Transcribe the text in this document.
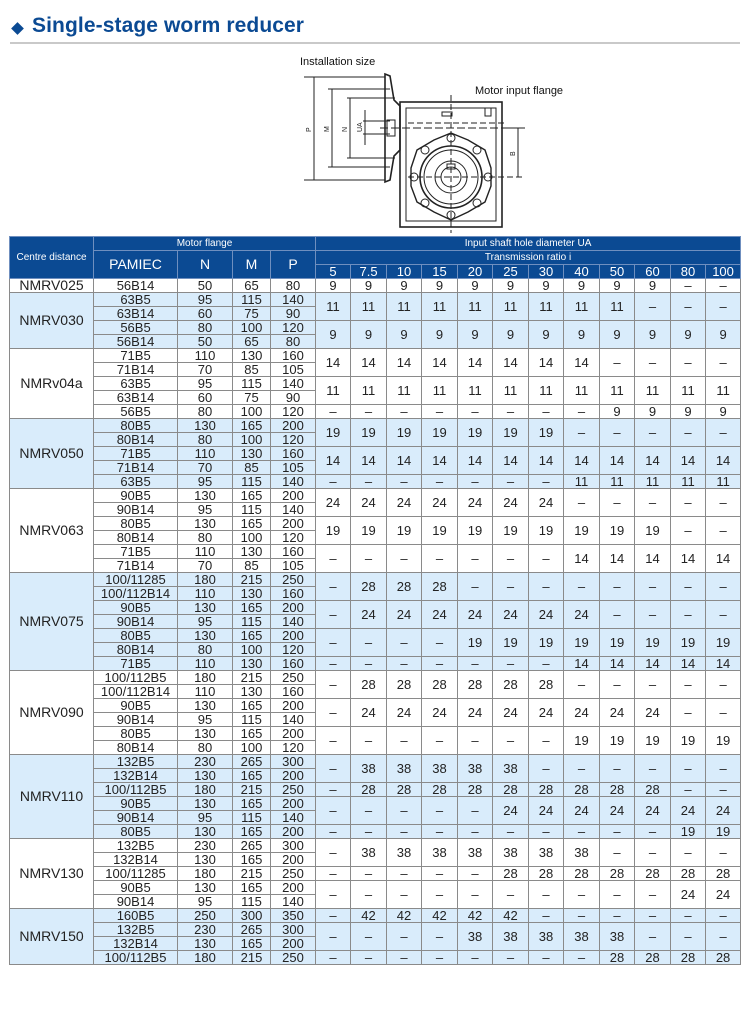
Single-stage worm reducer
Installation size
Motor input flange
P M N UA
B
Centre distance	Motor flange				Input shaft hole diameter UA											
	PAMIEC	N	M	P	Transmission ratio i											
					5	7.5	10	15	20	25	30	40	50	60	80	100
NMRV025	56B14	50	65	80	9	9	9	9	9	9	9	9	9	9	–	–
NMRV030	63B5	95	115	140	11	11	11	11	11	11	11	11	11	–	–	–
	63B14	60	75	90												
	56B5	80	100	120	9	9	9	9	9	9	9	9	9	9	9	9
	56B14	50	65	80												
NMRv04a	71B5	110	130	160	14	14	14	14	14	14	14	14	–	–	–	–
	71B14	70	85	105												
	63B5	95	115	140	11	11	11	11	11	11	11	11	11	11	11	11
	63B14	60	75	90												
	56B5	80	100	120	–	–	–	–	–	–	–	–	9	9	9	9
NMRV050	80B5	130	165	200	19	19	19	19	19	19	19	–	–	–	–	–
	80B14	80	100	120												
	71B5	110	130	160	14	14	14	14	14	14	14	14	14	14	14	14
	71B14	70	85	105												
	63B5	95	115	140	–	–	–	–	–	–	–	11	11	11	11	11
NMRV063	90B5	130	165	200	24	24	24	24	24	24	24	–	–	–	–	–
	90B14	95	115	140												
	80B5	130	165	200	19	19	19	19	19	19	19	19	19	19	–	–
	80B14	80	100	120												
	71B5	110	130	160	–	–	–	–	–	–	–	14	14	14	14	14
	71B14	70	85	105												
NMRV075	100/11285	180	215	250	–	28	28	28	–	–	–	–	–	–	–	–
	100/112B14	110	130	160												
	90B5	130	165	200	–	24	24	24	24	24	24	24	–	–	–	–
	90B14	95	115	140												
	80B5	130	165	200	–	–	–	–	19	19	19	19	19	19	19	19
	80B14	80	100	120												
	71B5	110	130	160	–	–	–	–	–	–	–	14	14	14	14	14
NMRV090	100/112B5	180	215	250	–	28	28	28	28	28	28	–	–	–	–	–
	100/112B14	110	130	160												
	90B5	130	165	200	–	24	24	24	24	24	24	24	24	24	–	–
	90B14	95	115	140												
	80B5	130	165	200	–	–	–	–	–	–	–	19	19	19	19	19
	80B14	80	100	120												
NMRV110	132B5	230	265	300	–	38	38	38	38	38	–	–	–	–	–	–
	132B14	130	165	200												
	100/112B5	180	215	250	–	28	28	28	28	28	28	28	28	28	–	–
	90B5	130	165	200	–	–	–	–	–	24	24	24	24	24	24	24
	90B14	95	115	140												
	80B5	130	165	200	–	–	–	–	–	–	–	–	–	–	19	19
NMRV130	132B5	230	265	300	–	38	38	38	38	38	38	38	–	–	–	–
	132B14	130	165	200												
	100/11285	180	215	250	–	–	–	–	–	28	28	28	28	28	28	28
	90B5	130	165	200	–	–	–	–	–	–	–	–	–	–	24	24
	90B14	95	115	140												
NMRV150	160B5	250	300	350	–	42	42	42	42	42	–	–	–	–	–	–
	132B5	230	265	300	–	–	–	–	38	38	38	38	38	–	–	–
	132B14	130	165	200												
	100/112B5	180	215	250	–	–	–	–	–	–	–	–	28	28	28	28
